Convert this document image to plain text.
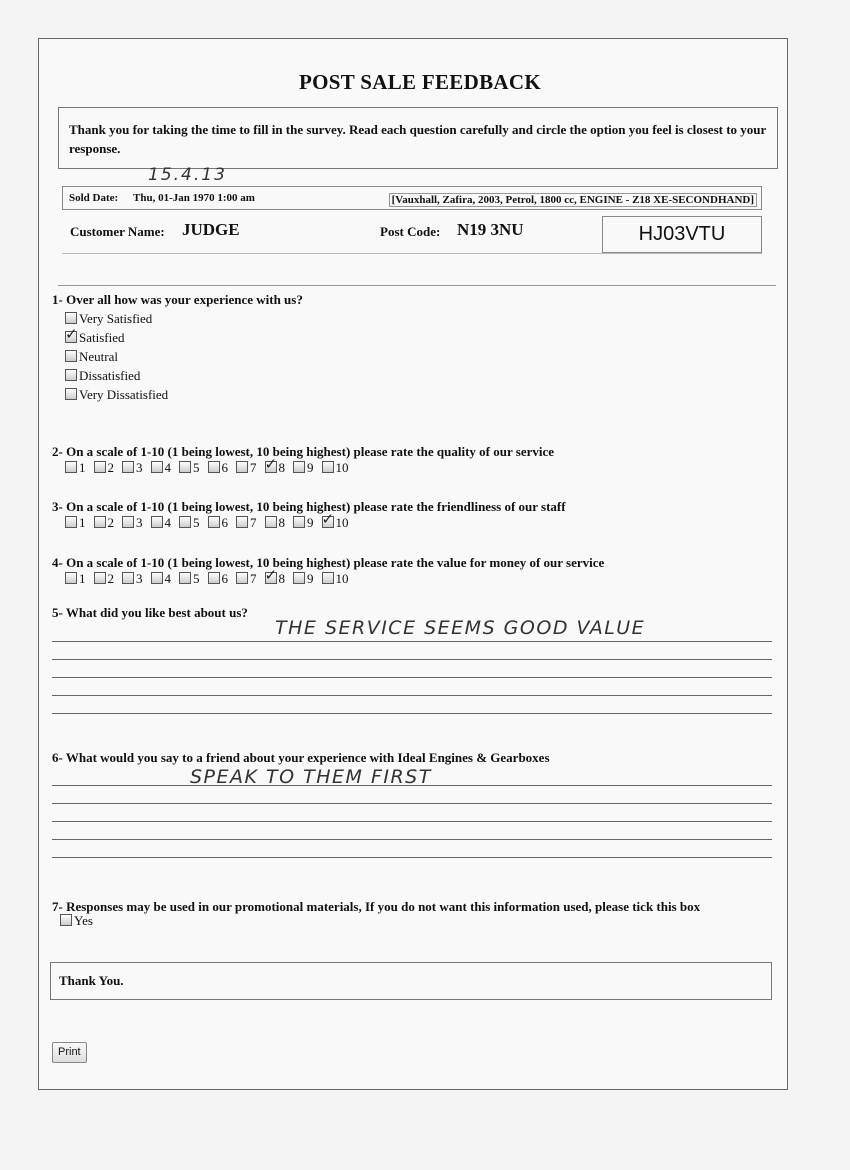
POST SALE FEEDBACK
Thank you for taking the time to fill in the survey. Read each question carefully and circle the option you feel is closest to your response.
15.4.13
Sold Date: Thu, 01-Jan 1970 1:00 am	[Vauxhall, Zafira, 2003, Petrol, 1800 cc, ENGINE - Z18 XE-SECONDHAND]
Customer Name: JUDGE	Post Code: N19 3NU	HJ03VTU
1- Over all how was your experience with us?
Very Satisfied
✓Satisfied
Neutral
Dissatisfied
Very Dissatisfied
2- On a scale of 1-10 (1 being lowest, 10 being highest) please rate the quality of our service
1 2 3 4 5 6 7 ✓ 8 9 10
3- On a scale of 1-10 (1 being lowest, 10 being highest) please rate the friendliness of our staff
1 2 3 4 5 6 7 8 9 ✓ 10
4- On a scale of 1-10 (1 being lowest, 10 being highest) please rate the value for money of our service
1 2 3 4 5 6 7 ✓ 8 9 10
5- What did you like best about us?
THE SERVICE SEEMS GOOD VALUE
6- What would you say to a friend about your experience with Ideal Engines & Gearboxes
SPEAK TO THEM FIRST
7- Responses may be used in our promotional materials, If you do not want this information used, please tick this box
Yes
Thank You.
Print
